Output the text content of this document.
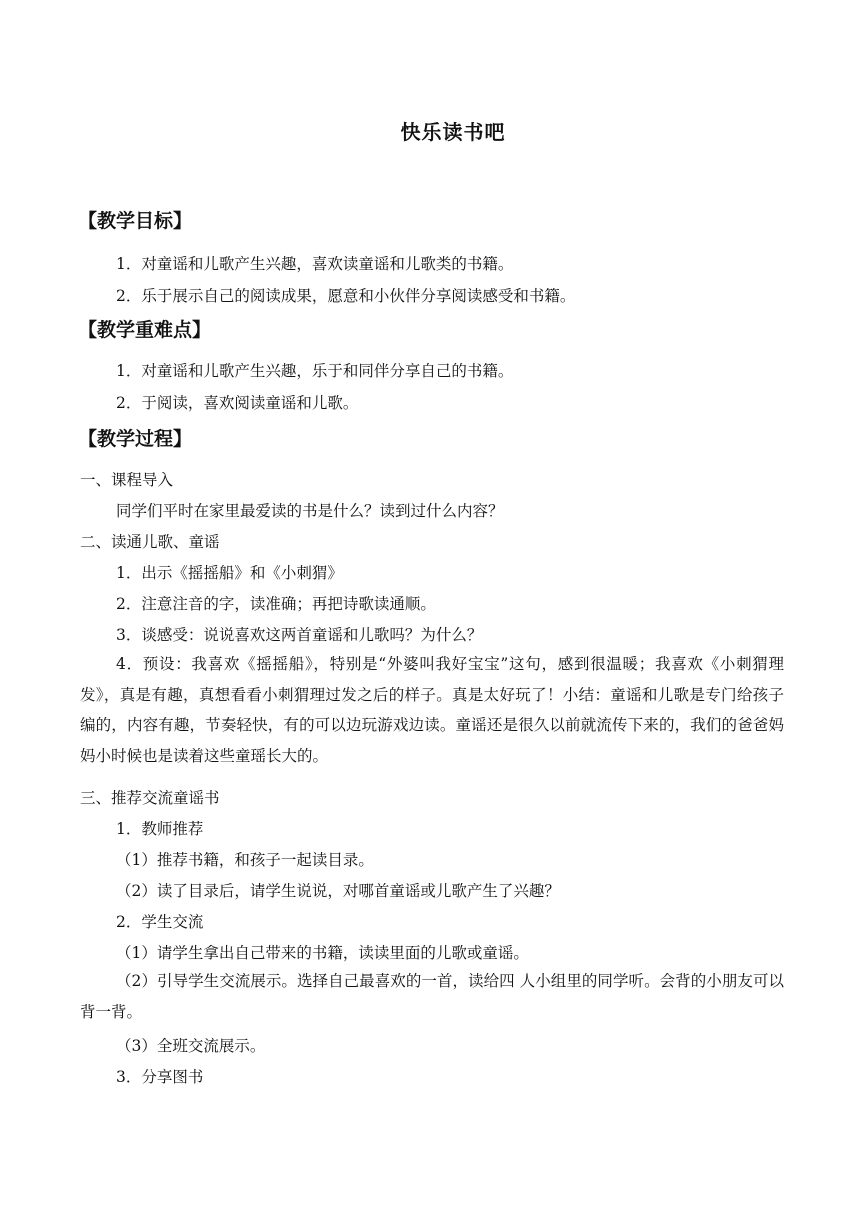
快乐读书吧
【教学目标】
1．对童谣和儿歌产生兴趣，喜欢读童谣和儿歌类的书籍。
2．乐于展示自己的阅读成果，愿意和小伙伴分享阅读感受和书籍。
【教学重难点】
1．对童谣和儿歌产生兴趣，乐于和同伴分享自己的书籍。
2．于阅读，喜欢阅读童谣和儿歌。
【教学过程】
一、课程导入
同学们平时在家里最爱读的书是什么？读到过什么内容？
二、读通儿歌、童谣
1．出示《摇摇船》和《小刺猬》
2．注意注音的字，读准确；再把诗歌读通顺。
3．谈感受：说说喜欢这两首童谣和儿歌吗？为什么？
4．预设：我喜欢《摇摇船》，特别是“外婆叫我好宝宝”这句，感到很温暖；我喜欢《小刺猬理发》，真是有趣，真想看看小刺猬理过发之后的样子。真是太好玩了！小结：童谣和儿歌是专门给孩子编的，内容有趣，节奏轻快，有的可以边玩游戏边读。童谣还是很久以前就流传下来的，我们的爸爸妈妈小时候也是读着这些童瑶长大的。
三、推荐交流童谣书
1．教师推荐
（1）推荐书籍，和孩子一起读目录。
（2）读了目录后，请学生说说，对哪首童谣或儿歌产生了兴趣？
2．学生交流
（1）请学生拿出自己带来的书籍，读读里面的儿歌或童谣。
（2）引导学生交流展示。选择自己最喜欢的一首，读给四 人小组里的同学听。会背的小朋友可以背一背。
（3）全班交流展示。
3．分享图书
